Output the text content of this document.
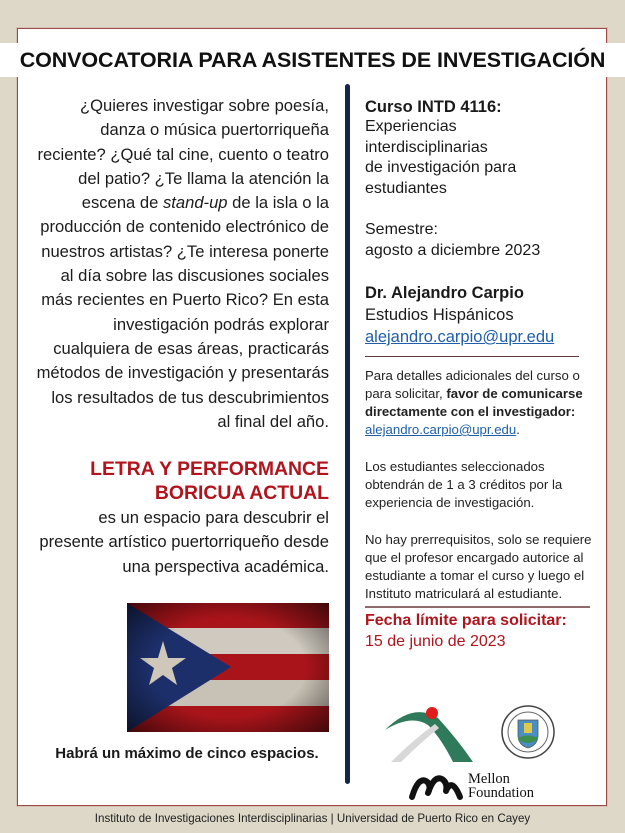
CONVOCATORIA PARA ASISTENTES DE INVESTIGACIÓN

¿Quieres investigar sobre poesía, danza o música puertorriqueña reciente? ¿Qué tal cine, cuento o teatro del patio? ¿Te llama la atención la escena de stand-up de la isla o la producción de contenido electrónico de nuestros artistas? ¿Te interesa ponerte al día sobre las discusiones sociales más recientes en Puerto Rico? En esta investigación podrás explorar cualquiera de esas áreas, practicarás métodos de investigación y presentarás los resultados de tus descubrimientos al final del año.

LETRA Y PERFORMANCE
BORICUA ACTUAL
es un espacio para descubrir el presente artístico puertorriqueño desde una perspectiva académica.
Habrá un máximo de cinco espacios.
Curso INTD 4116:
Experiencias
interdisciplinarias
de investigación para
estudiantes
Semestre:
agosto a diciembre 2023
Dr. Alejandro Carpio
Estudios Hispánicos
alejandro.carpio@upr.edu

Para detalles adicionales del curso o para solicitar, favor de comunicarse directamente con el investigador:
alejandro.carpio@upr.edu.

Los estudiantes seleccionados obtendrán de 1 a 3 créditos por la experiencia de investigación.

No hay prerrequisitos, solo se requiere que el profesor encargado autorice al estudiante a tomar el curso y luego el Instituto matriculará al estudiante.

Fecha límite para solicitar:
15 de junio de 2023
Mellon
Foundation
Instituto de Investigaciones Interdisciplinarias | Universidad de Puerto Rico en Cayey
